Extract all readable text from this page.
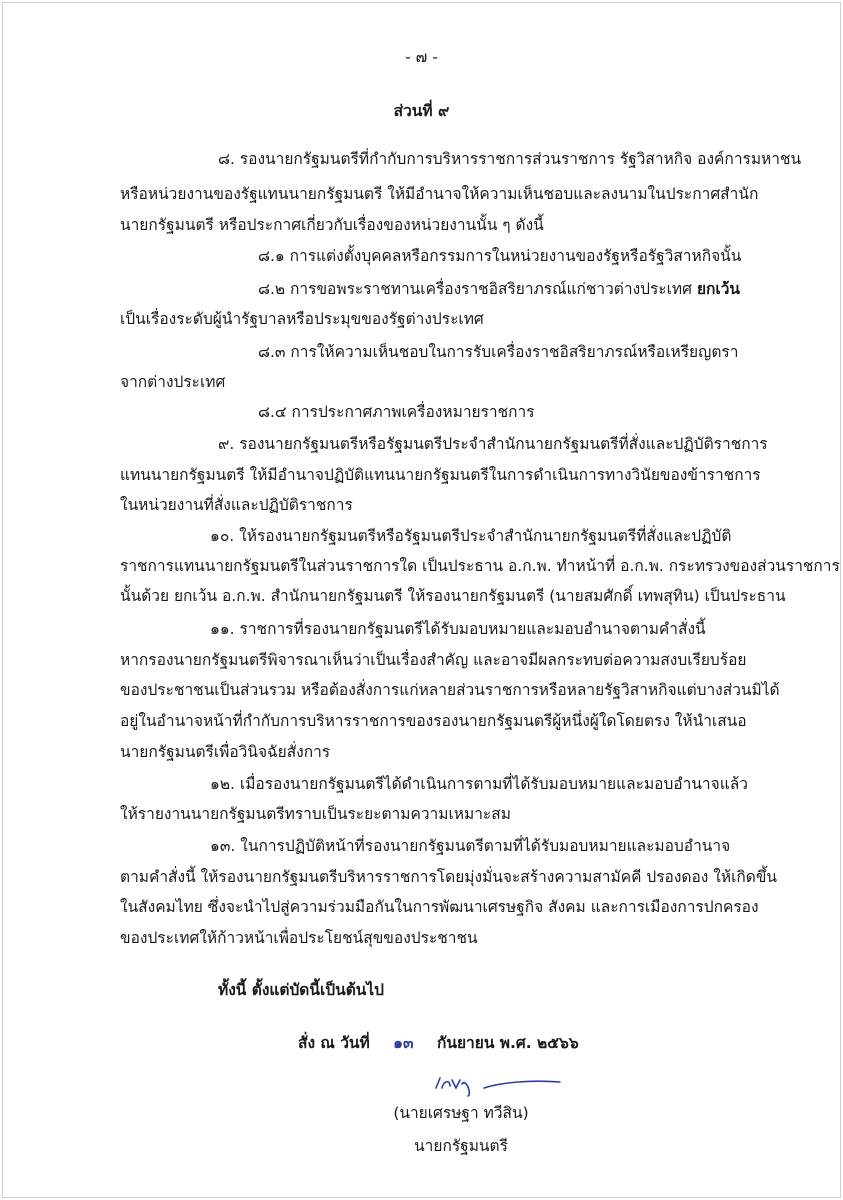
- ๗ -
ส่วนที่ ๙
๘. รองนายกรัฐมนตรีที่กำกับการบริหารราชการส่วนราชการ รัฐวิสาหกิจ องค์การมหาชน
หรือหน่วยงานของรัฐแทนนายกรัฐมนตรี ให้มีอำนาจให้ความเห็นชอบและลงนามในประกาศสำนัก
นายกรัฐมนตรี หรือประกาศเกี่ยวกับเรื่องของหน่วยงานนั้น ๆ ดังนี้
๘.๑ การแต่งตั้งบุคคลหรือกรรมการในหน่วยงานของรัฐหรือรัฐวิสาหกิจนั้น
๘.๒ การขอพระราชทานเครื่องราชอิสริยาภรณ์แก่ชาวต่างประเทศ ยกเว้น
เป็นเรื่องระดับผู้นำรัฐบาลหรือประมุขของรัฐต่างประเทศ
๘.๓ การให้ความเห็นชอบในการรับเครื่องราชอิสริยาภรณ์หรือเหรียญตรา
จากต่างประเทศ
๘.๔ การประกาศภาพเครื่องหมายราชการ
๙. รองนายกรัฐมนตรีหรือรัฐมนตรีประจำสำนักนายกรัฐมนตรีที่สั่งและปฏิบัติราชการ
แทนนายกรัฐมนตรี ให้มีอำนาจปฏิบัติแทนนายกรัฐมนตรีในการดำเนินการทางวินัยของข้าราชการ
ในหน่วยงานที่สั่งและปฏิบัติราชการ
๑๐. ให้รองนายกรัฐมนตรีหรือรัฐมนตรีประจำสำนักนายกรัฐมนตรีที่สั่งและปฏิบัติ
ราชการแทนนายกรัฐมนตรีในส่วนราชการใด เป็นประธาน อ.ก.พ. ทำหน้าที่ อ.ก.พ. กระทรวงของส่วนราชการ
นั้นด้วย ยกเว้น อ.ก.พ. สำนักนายกรัฐมนตรี ให้รองนายกรัฐมนตรี (นายสมศักดิ์ เทพสุทิน) เป็นประธาน
๑๑. ราชการที่รองนายกรัฐมนตรีได้รับมอบหมายและมอบอำนาจตามคำสั่งนี้
หากรองนายกรัฐมนตรีพิจารณาเห็นว่าเป็นเรื่องสำคัญ และอาจมีผลกระทบต่อความสงบเรียบร้อย
ของประชาชนเป็นส่วนรวม หรือต้องสั่งการแก่หลายส่วนราชการหรือหลายรัฐวิสาหกิจแต่บางส่วนมิได้
อยู่ในอำนาจหน้าที่กำกับการบริหารราชการของรองนายกรัฐมนตรีผู้หนึ่งผู้ใดโดยตรง ให้นำเสนอ
นายกรัฐมนตรีเพื่อวินิจฉัยสั่งการ
๑๒. เมื่อรองนายกรัฐมนตรีได้ดำเนินการตามที่ได้รับมอบหมายและมอบอำนาจแล้ว
ให้รายงานนายกรัฐมนตรีทราบเป็นระยะตามความเหมาะสม
๑๓. ในการปฏิบัติหน้าที่รองนายกรัฐมนตรีตามที่ได้รับมอบหมายและมอบอำนาจ
ตามคำสั่งนี้ ให้รองนายกรัฐมนตรีบริหารราชการโดยมุ่งมั่นจะสร้างความสามัคคี ปรองดอง ให้เกิดขึ้น
ในสังคมไทย ซึ่งจะนำไปสู่ความร่วมมือกันในการพัฒนาเศรษฐกิจ สังคม และการเมืองการปกครอง
ของประเทศให้ก้าวหน้าเพื่อประโยชน์สุขของประชาชน
ทั้งนี้ ตั้งแต่บัดนี้เป็นต้นไป
สั่ง ณ วันที่ ๑๓ กันยายน พ.ศ. ๒๕๖๖
(นายเศรษฐา ทวีสิน)
นายกรัฐมนตรี
